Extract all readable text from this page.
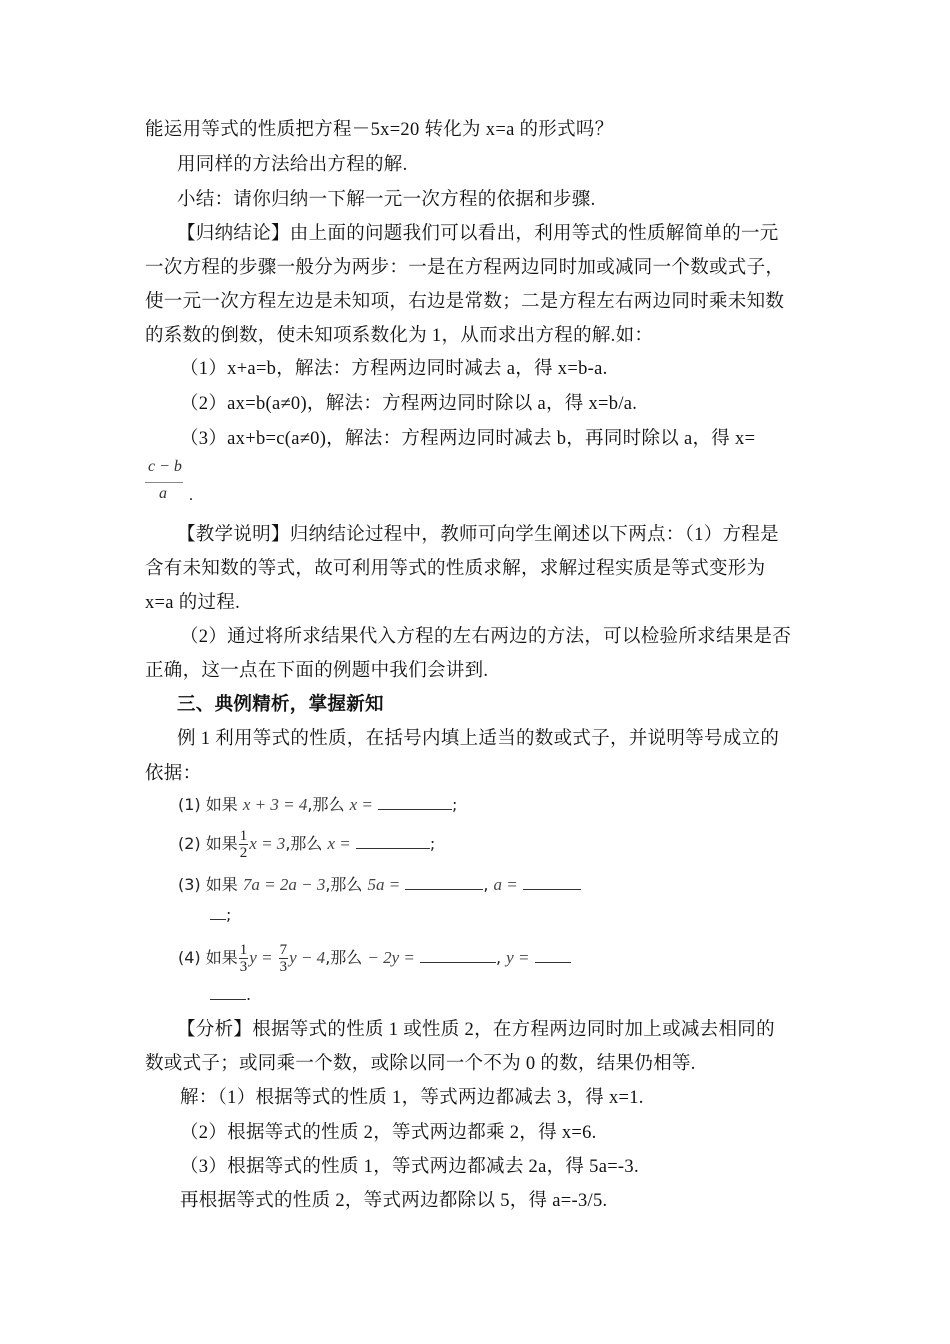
能运用等式的性质把方程－5x=20 转化为 x=a 的形式吗？
用同样的方法给出方程的解.
小结：请你归纳一下解一元一次方程的依据和步骤.
【归纳结论】由上面的问题我们可以看出，利用等式的性质解简单的一元
一次方程的步骤一般分为两步：一是在方程两边同时加或减同一个数或式子，
使一元一次方程左边是未知项，右边是常数；二是方程左右两边同时乘未知数
的系数的倒数，使未知项系数化为 1，从而求出方程的解.如：
（1）x+a=b，解法：方程两边同时减去 a，得 x=b-a.
（2）ax=b(a≠0)，解法：方程两边同时除以 a，得 x=b/a.
（3）ax+b=c(a≠0)，解法：方程两边同时减去 b，再同时除以 a，得 x=
c − b
a .
【教学说明】归纳结论过程中，教师可向学生阐述以下两点：（1）方程是
含有未知数的等式，故可利用等式的性质求解，求解过程实质是等式变形为
x=a 的过程.
（2）通过将所求结果代入方程的左右两边的方法，可以检验所求结果是否
正确，这一点在下面的例题中我们会讲到.
三、典例精析，掌握新知
例 1 利用等式的性质，在括号内填上适当的数或式子，并说明等号成立的
依据：
(1) 如果 x + 3 = 4,那么 x =	;
(2) 如果 $\frac{1}{2}$ x = 3,那么 x =	;
(3) 如果 7a = 2a − 3,那么 5a =	, a =
;
(4) 如果 $\frac{1}{3}$ $y = \frac{7}{3}$ y − 4,那么 − 2y =	, y =
.
【分析】根据等式的性质 1 或性质 2，在方程两边同时加上或减去相同的
数或式子；或同乘一个数，或除以同一个不为 0 的数，结果仍相等.
解：（1）根据等式的性质 1，等式两边都减去 3，得 x=1.
（2）根据等式的性质 2，等式两边都乘 2，得 x=6.
（3）根据等式的性质 1，等式两边都减去 2a，得 5a=-3.
再根据等式的性质 2，等式两边都除以 5，得 a=-3/5.
